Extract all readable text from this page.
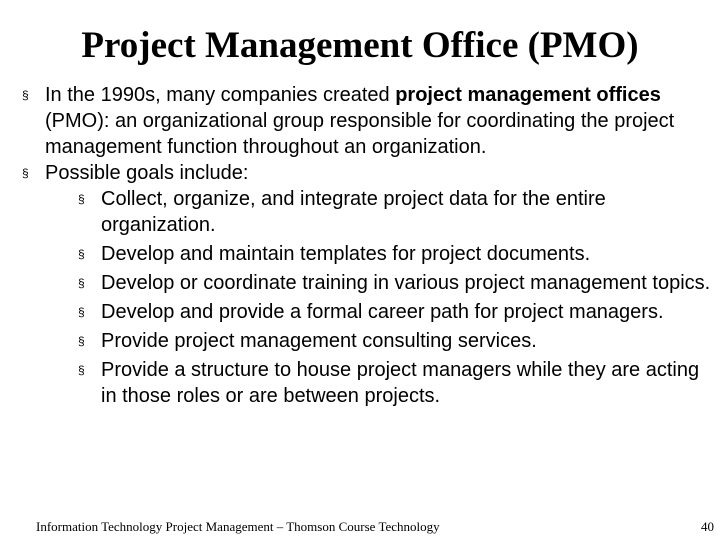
Project Management Office (PMO)
§ In the 1990s, many companies created project management offices (PMO): an organizational group responsible for coordinating the project management function throughout an organization.
§ Possible goals include:
§ Collect, organize, and integrate project data for the entire organization.
§ Develop and maintain templates for project documents.
§ Develop or coordinate training in various project management topics.
§ Develop and provide a formal career path for project managers.
§ Provide project management consulting services.
§ Provide a structure to house project managers while they are acting in those roles or are between projects.
Information Technology Project Management – Thomson Course Technology	40
